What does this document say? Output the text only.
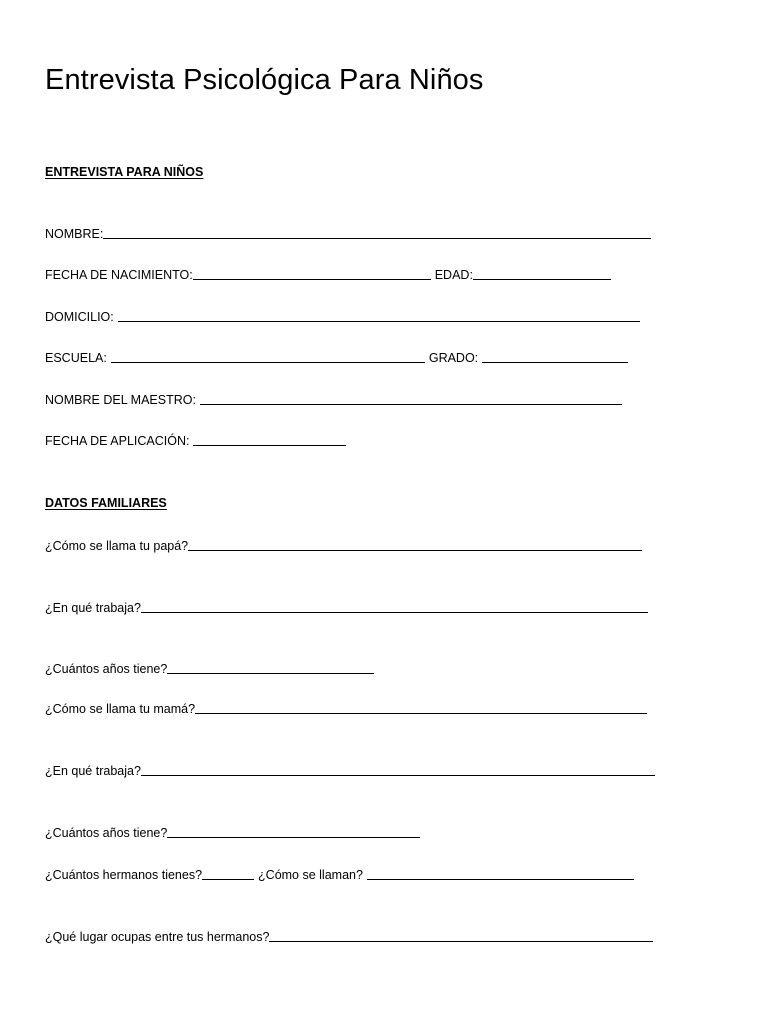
Entrevista Psicológica Para Niños
ENTREVISTA PARA NIÑOS
NOMBRE:
FECHA DE NACIMIENTO:	EDAD:
DOMICILIO:
ESCUELA:	GRADO:
NOMBRE DEL MAESTRO:
FECHA DE APLICACIÓN:
DATOS FAMILIARES
¿Cómo se llama tu papá?
¿En qué trabaja?
¿Cuántos años tiene?
¿Cómo se llama tu mamá?
¿En qué trabaja?
¿Cuántos años tiene?
¿Cuántos hermanos tienes?	¿Cómo se llaman?
¿Qué lugar ocupas entre tus hermanos?
